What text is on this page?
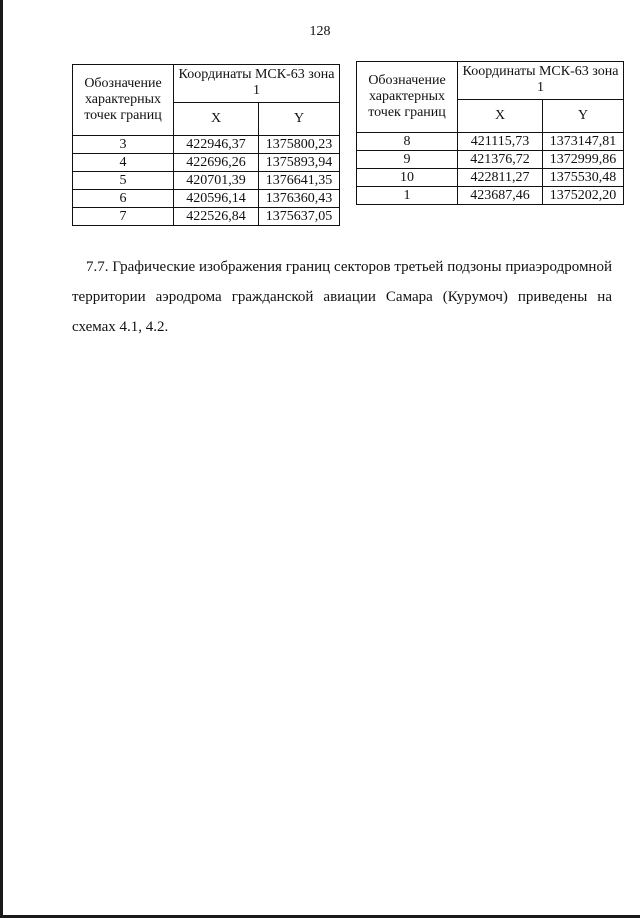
128
Обозначение характерных точек границ	Координаты МСК-63 зона 1	
	X	Y
3	422946,37	1375800,23
4	422696,26	1375893,94
5	420701,39	1376641,35
6	420596,14	1376360,43
7	422526,84	1375637,05
Обозначение характерных точек границ	Координаты МСК-63 зона 1	
	X	Y
8	421115,73	1373147,81
9	421376,72	1372999,86
10	422811,27	1375530,48
1	423687,46	1375202,20
7.7. Графические изображения границ секторов третьей подзоны приаэродромной территории аэродрома гражданской авиации Самара (Курумоч) приведены на схемах 4.1, 4.2.
